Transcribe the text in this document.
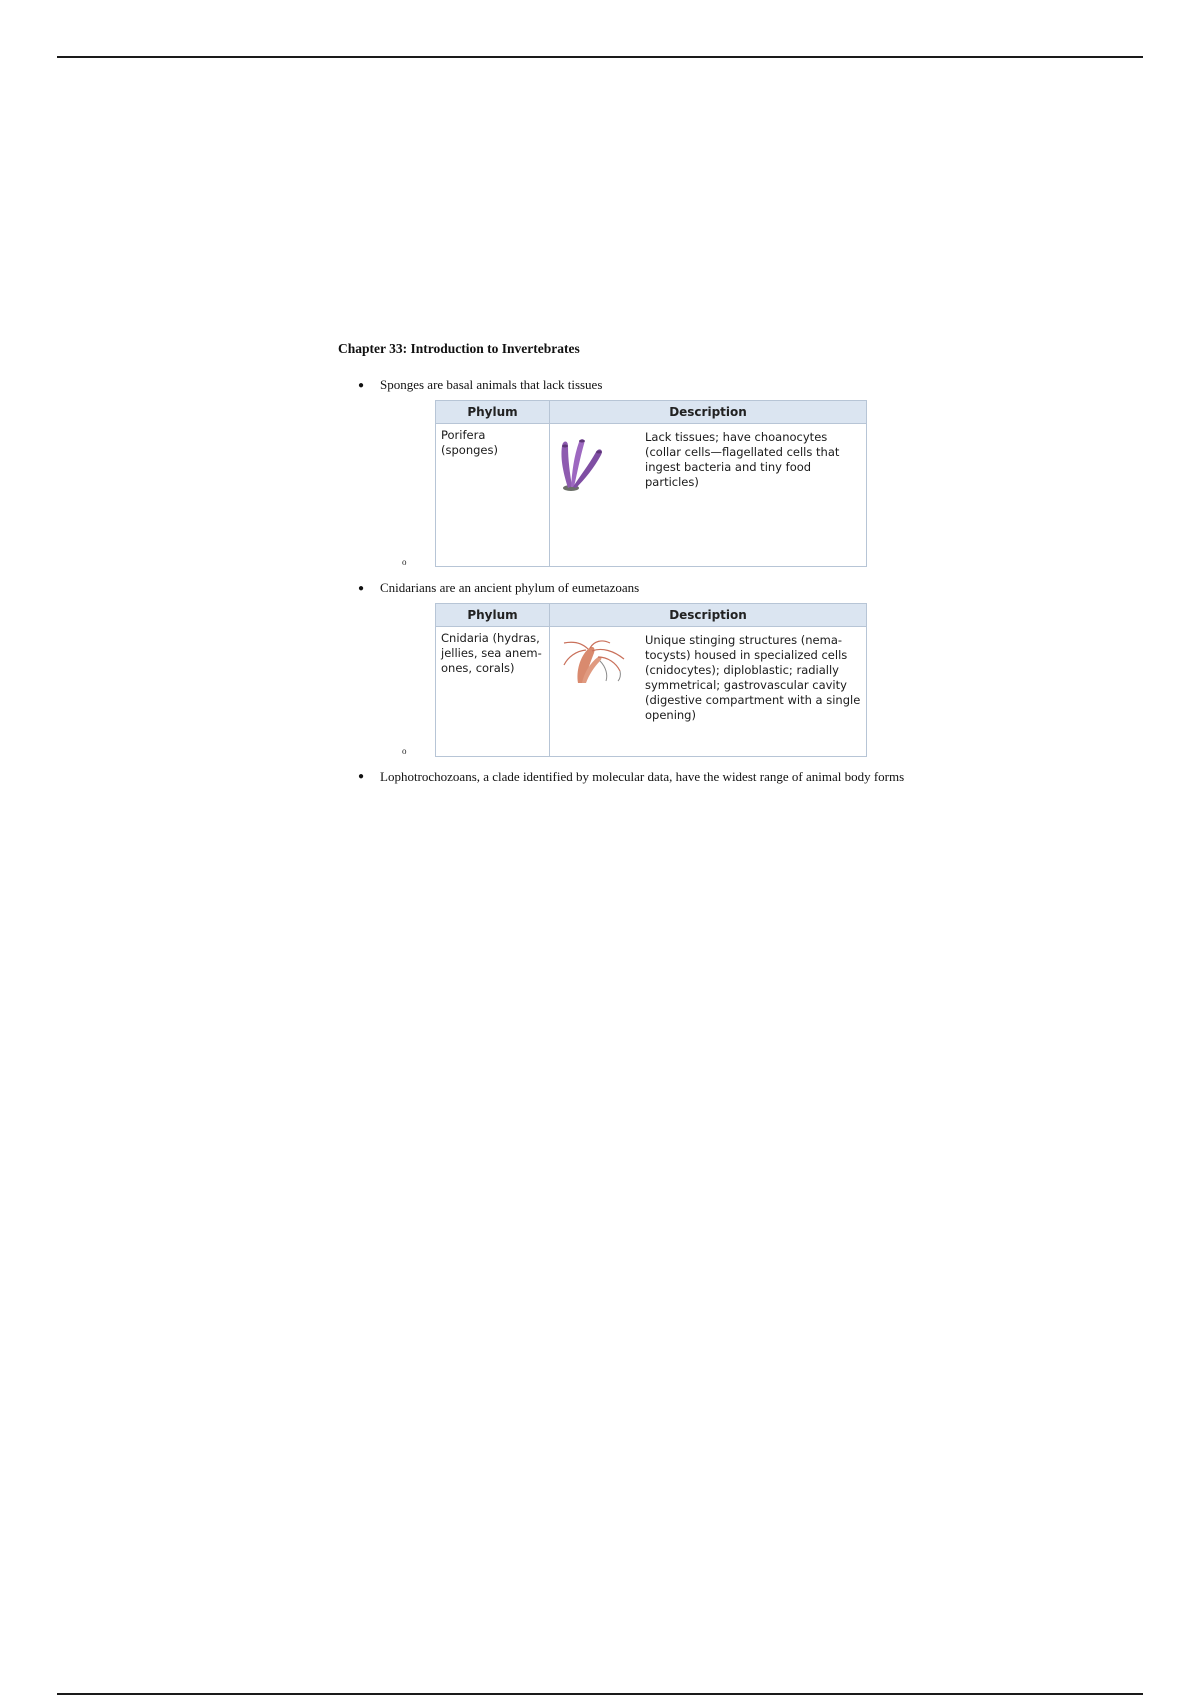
Chapter 33: Introduction to Invertebrates
●	Sponges are basal animals that lack tissues
Phylum	Description
Porifera (sponges)	Lack tissues; have choanocytes (collar cells—flagellated cells that ingest bacteria and tiny food particles)
o
●	Cnidarians are an ancient phylum of eumetazoans
Phylum	Description
Cnidaria (hydras, jellies, sea anem-ones, corals)	Unique stinging structures (nema-tocysts) housed in specialized cells (cnidocytes); diploblastic; radially symmetrical; gastrovascular cavity (digestive compartment with a single opening)
o
●	Lophotrochozoans, a clade identified by molecular data, have the widest range of animal body forms
